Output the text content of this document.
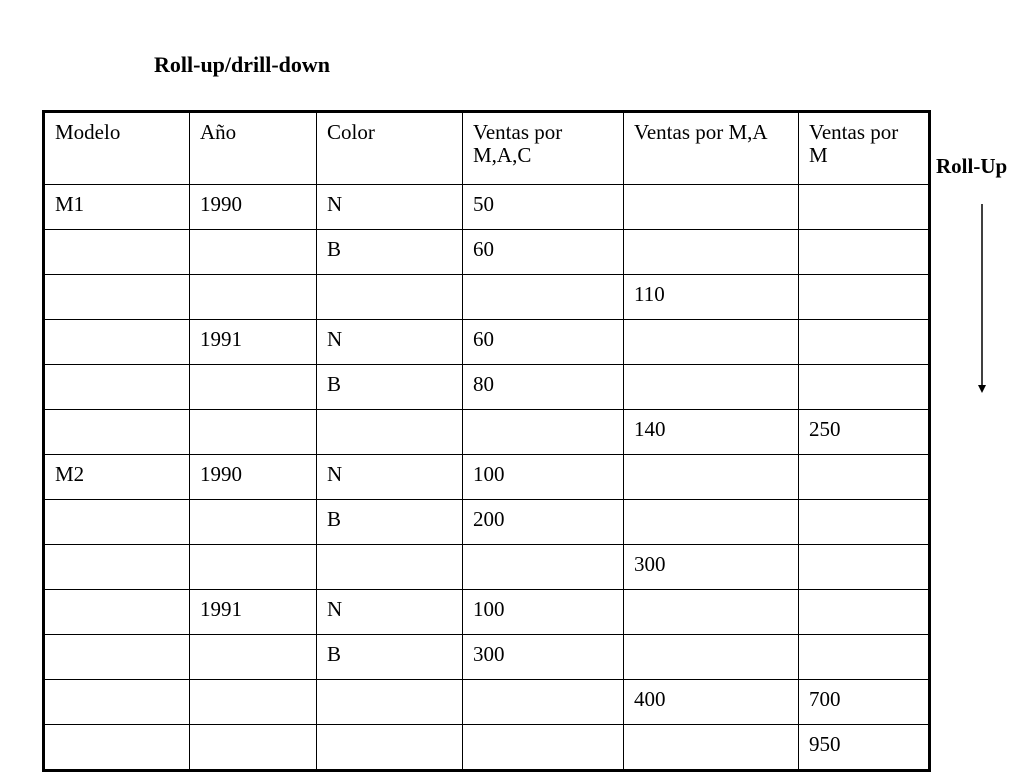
Roll-up/drill-down
Modelo	Año	Color	Ventas por M,A,C	Ventas por M,A	Ventas por M
M1	1990	N	50		
		B	60		
				110	
	1991	N	60		
		B	80		
				140	250
M2	1990	N	100		
		B	200		
				300	
	1991	N	100		
		B	300		
				400	700
					950
Roll-Up
